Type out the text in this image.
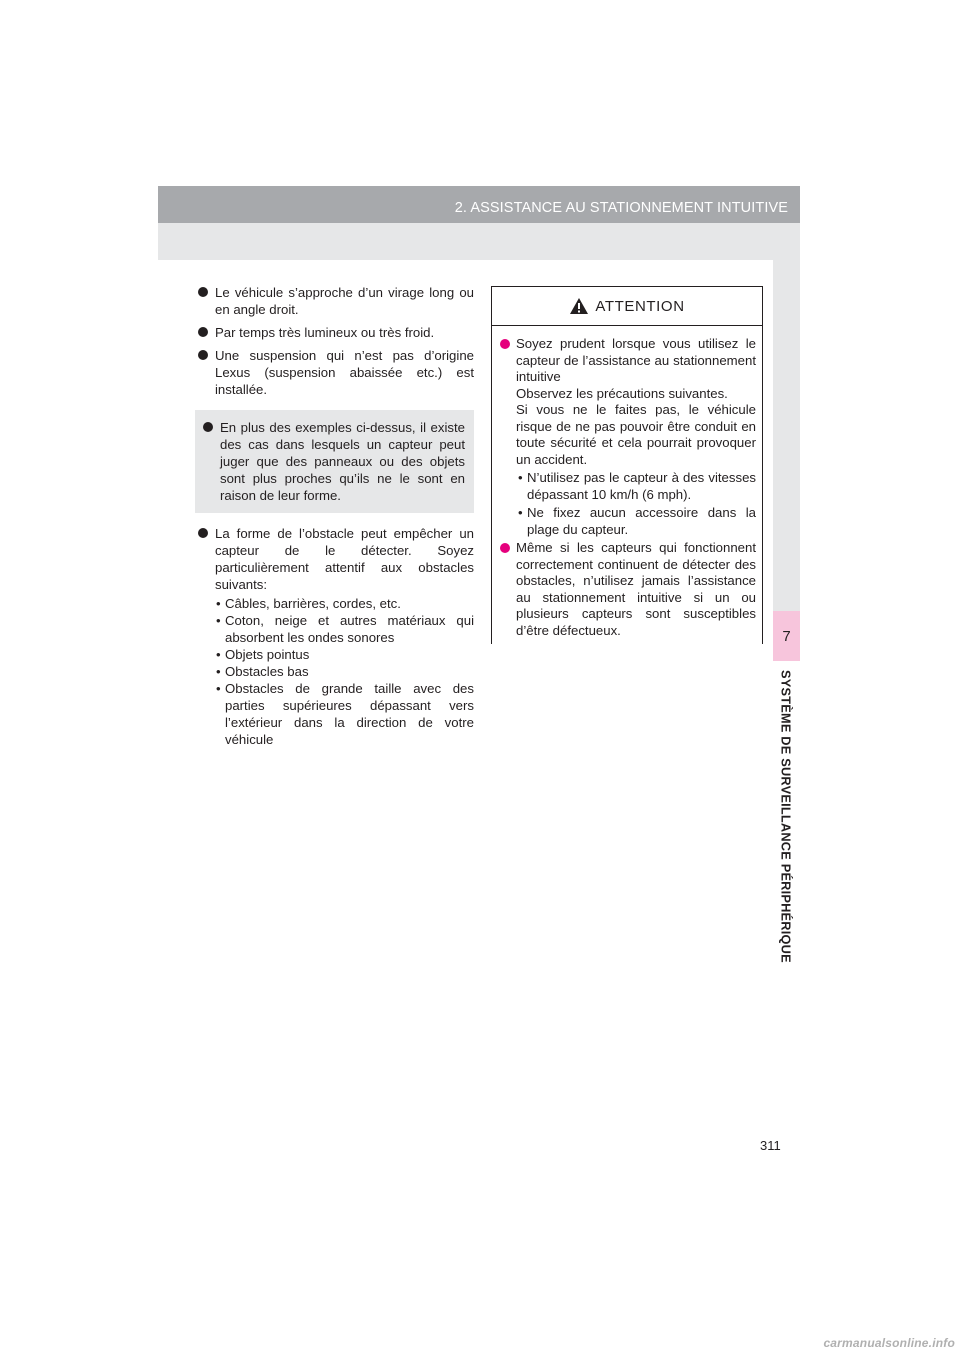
2. ASSISTANCE AU STATIONNEMENT INTUITIVE
7
SYSTÈME DE SURVEILLANCE PÉRIPHÉRIQUE
Le véhicule s’approche d’un virage long ou en angle droit.
Par temps très lumineux ou très froid.
Une suspension qui n’est pas d’origine Lexus (suspension abaissée etc.) est installée.
En plus des exemples ci-dessus, il existe des cas dans lesquels un capteur peut juger que des panneaux ou des objets sont plus proches qu’ils ne le sont en raison de leur forme.
La forme de l’obstacle peut empêcher un capteur de le détecter. Soyez particulièrement attentif aux obstacles suivants:
• Câbles, barrières, cordes, etc.
• Coton, neige et autres matériaux qui absorbent les ondes sonores
• Objets pointus
• Obstacles bas
• Obstacles de grande taille avec des parties supérieures dépassant vers l’extérieur dans la direction de votre véhicule
ATTENTION
Soyez prudent lorsque vous utilisez le capteur de l’assistance au stationnement intuitive
Observez les précautions suivantes.
Si vous ne le faites pas, le véhicule risque de ne pas pouvoir être conduit en toute sécurité et cela pourrait provoquer un accident.
• N’utilisez pas le capteur à des vitesses dépassant 10 km/h (6 mph).
• Ne fixez aucun accessoire dans la plage du capteur.
Même si les capteurs qui fonctionnent correctement continuent de détecter des obstacles, n’utilisez jamais l’assistance au stationnement intuitive si un ou plusieurs capteurs sont susceptibles d’être défectueux.
311
carmanualsonline.info
